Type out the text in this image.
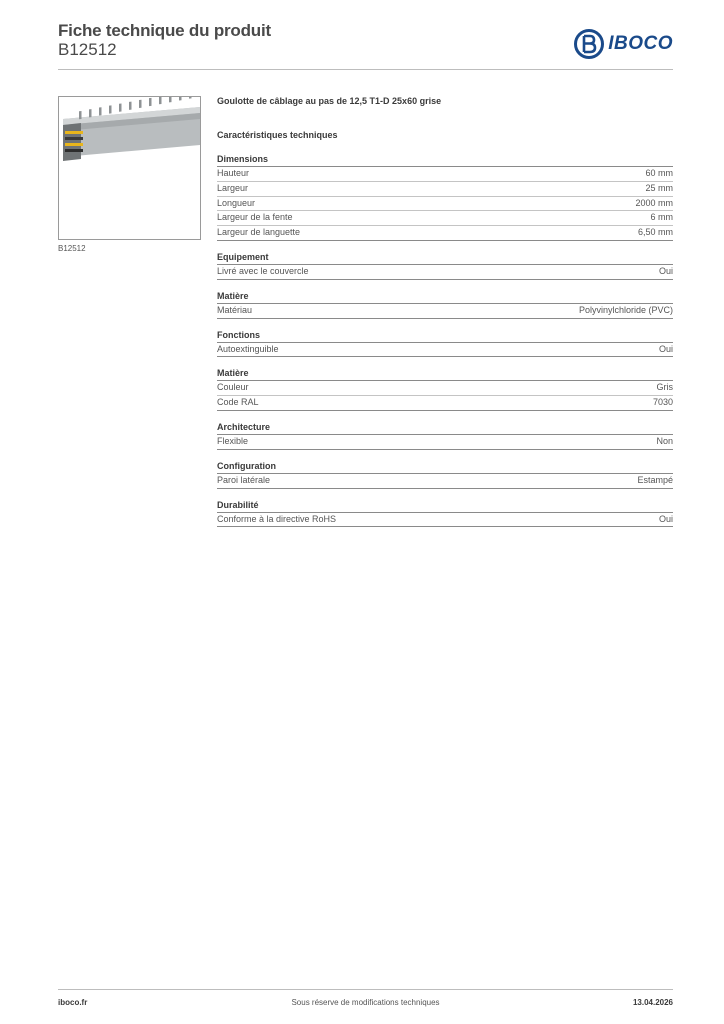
Fiche technique du produit
B12512	IBOCO
B12512
Goulotte de câblage au pas de 12,5 T1-D 25x60 grise
Caractéristiques techniques
Dimensions
Hauteur	60 mm
Largeur	25 mm
Longueur	2000 mm
Largeur de la fente	6 mm
Largeur de languette	6,50 mm
Equipement
Livré avec le couvercle	Oui
Matière
Matériau	Polyvinylchloride (PVC)
Fonctions
Autoextinguible	Oui
Matière
Couleur	Gris
Code RAL	7030
Architecture
Flexible	Non
Configuration
Paroi latérale	Estampé
Durabilité
Conforme à la directive RoHS	Oui
iboco.fr	Sous réserve de modifications techniques	13.04.2026
